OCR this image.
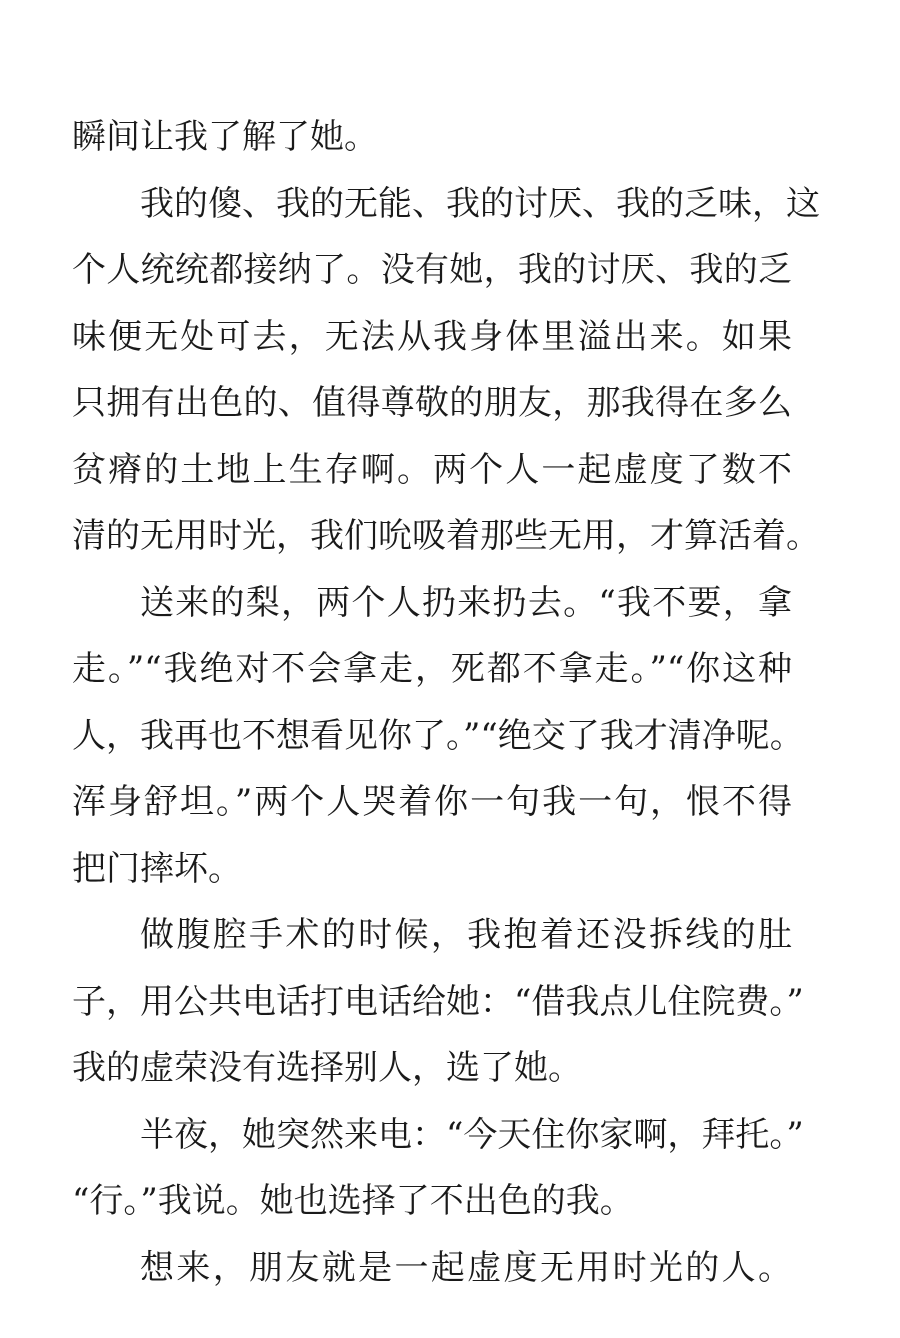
瞬间让我了解了她。
我的傻、我的无能、我的讨厌、我的乏味，这
个人统统都接纳了。没有她，我的讨厌、我的乏
味便无处可去，无法从我身体里溢出来。如果
只拥有出色的、值得尊敬的朋友，那我得在多么
贫瘠的土地上生存啊。两个人一起虚度了数不
清的无用时光，我们吮吸着那些无用，才算活着。
送来的梨，两个人扔来扔去。“我不要，拿
走。”“我绝对不会拿走，死都不拿走。”“你这种
人，我再也不想看见你了。”“绝交了我才清净呢。
浑身舒坦。”两个人哭着你一句我一句，恨不得
把门摔坏。
做腹腔手术的时候，我抱着还没拆线的肚
子，用公共电话打电话给她：“借我点儿住院费。”
我的虚荣没有选择别人，选了她。
半夜，她突然来电：“今天住你家啊，拜托。”
“行。”我说。她也选择了不出色的我。
想来，朋友就是一起虚度无用时光的人。
